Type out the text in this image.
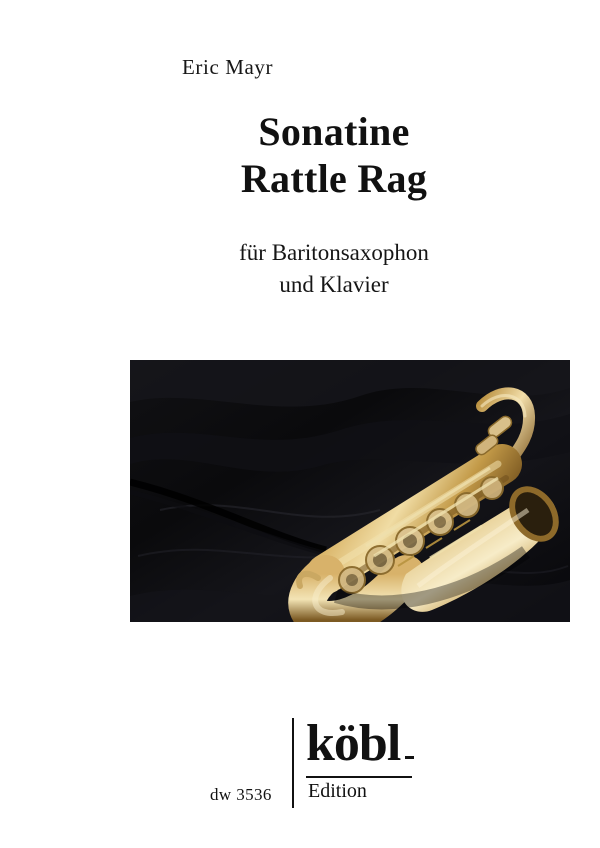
Eric Mayr
Sonatine
Rattle Rag
für Baritonsaxophon
und Klavier
dw 3536
köbl
Edition
